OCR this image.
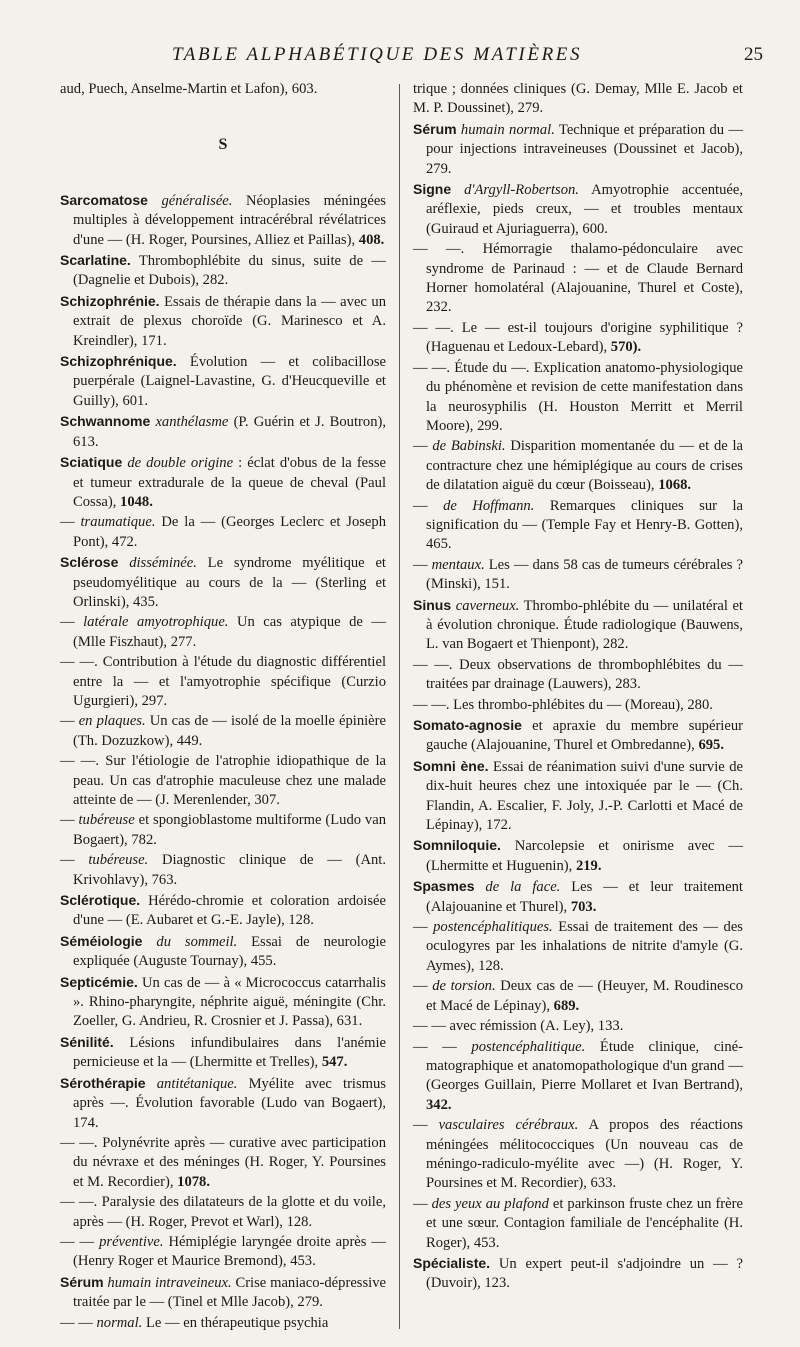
TABLE ALPHABÉTIQUE DES MATIÈRES	25
aud, Puech, Anselme-Martin et Lafon), 603.
S
Sarcomatose généralisée. Néoplasies méningées multiples à développement intracérébral révélatrices d'une — (H. Roger, Poursines, Alliez et Paillas), 408.
Scarlatine. Thrombophlébite du sinus, suite de — (Dagnelie et Dubois), 282.
Schizophrénie. Essais de thérapie dans la — avec un extrait de plexus choroïde (G. Marinesco et A. Kreindler), 171.
Schizophrénique. Évolution — et colibacillose puerpérale (Laignel-Lavastine, G. d'Heucqueville et Guilly), 601.
Schwannome xanthélasme (P. Guérin et J. Boutron), 613.
Sciatique de double origine : éclat d'obus de la fesse et tumeur extradurale de la queue de cheval (Paul Cossa), 1048.
— traumatique. De la — (Georges Leclerc et Joseph Pont), 472.
Sclérose disséminée. Le syndrome myélitique et pseudomyélitique au cours de la — (Sterling et Orlinski), 435.
— latérale amyotrophique. Un cas atypique de — (Mlle Fiszhaut), 277.
— —. Contribution à l'étude du diagnostic différentiel entre la — et l'amyotrophie spécifique (Curzio Ugurgieri), 297.
— en plaques. Un cas de — isolé de la moelle épinière (Th. Dozuzkow), 449.
— —. Sur l'étiologie de l'atrophie idiopathique de la peau. Un cas d'atrophie maculeuse chez une malade atteinte de — (J. Merenlender, 307.
— tubéreuse et spongioblastome multiforme (Ludo van Bogaert), 782.
— tubéreuse. Diagnostic clinique de — (Ant. Krivohlavy), 763.
Sclérotique. Hérédo-chromie et coloration ardoisée d'une — (E. Aubaret et G.-E. Jayle), 128.
Séméiologie du sommeil. Essai de neurologie expliquée (Auguste Tournay), 455.
Septicémie. Un cas de — à « Micrococcus catarrhalis ». Rhino-pharyngite, néphrite aiguë, méningite (Chr. Zoeller, G. Andrieu, R. Crosnier et J. Passa), 631.
Sénilité. Lésions infundibulaires dans l'anémie pernicieuse et la — (Lhermitte et Trelles), 547.
Sérothérapie antitétanique. Myélite avec trismus après —. Évolution favorable (Ludo van Bogaert), 174.
— —. Polynévrite après — curative avec participation du névraxe et des méninges (H. Roger, Y. Poursines et M. Recordier), 1078.
— —. Paralysie des dilatateurs de la glotte et du voile, après — (H. Roger, Prevot et Warl), 128.
— — préventive. Hémiplégie laryngée droite après — (Henry Roger et Maurice Bremond), 453.
Sérum humain intraveineux. Crise maniaco-dépressive traitée par le — (Tinel et Mlle Jacob), 279.
— — normal. Le — en thérapeutique psychia
trique ; données cliniques (G. Demay, Mlle E. Jacob et M. P. Doussinet), 279.
Sérum humain normal. Technique et préparation du — pour injections intraveineuses (Doussinet et Jacob), 279.
Signe d'Argyll-Robertson. Amyotrophie accentuée, aréflexie, pieds creux, — et troubles mentaux (Guiraud et Ajuriaguerra), 600.
— —. Hémorragie thalamo-pédonculaire avec syndrome de Parinaud : — et de Claude Bernard Horner homolatéral (Alajouanine, Thurel et Coste), 232.
— —. Le — est-il toujours d'origine syphilitique ? (Haguenau et Ledoux-Lebard), 570).
— —. Étude du —. Explication anatomo-physiologique du phénomène et revision de cette manifestation dans la neurosyphilis (H. Houston Merritt et Merril Moore), 299.
— de Babinski. Disparition momentanée du — et de la contracture chez une hémiplégique au cours de crises de dilatation aiguë du cœur (Boisseau), 1068.
— de Hoffmann. Remarques cliniques sur la signification du — (Temple Fay et Henry-B. Gotten), 465.
— mentaux. Les — dans 58 cas de tumeurs cérébrales ? (Minski), 151.
Sinus caverneux. Thrombo-phlébite du — unilatéral et à évolution chronique. Étude radiologique (Bauwens, L. van Bogaert et Thienpont), 282.
— —. Deux observations de thrombophlébites du — traitées par drainage (Lauwers), 283.
— —. Les thrombo-phlébites du — (Moreau), 280.
Somato-agnosie et apraxie du membre supérieur gauche (Alajouanine, Thurel et Ombredanne), 695.
Somni ène. Essai de réanimation suivi d'une survie de dix-huit heures chez une intoxiquée par le — (Ch. Flandin, A. Escalier, F. Joly, J.-P. Carlotti et Macé de Lépinay), 172.
Somniloquie. Narcolepsie et onirisme avec — (Lhermitte et Huguenin), 219.
Spasmes de la face. Les — et leur traitement (Alajouanine et Thurel), 703.
— postencéphalitiques. Essai de traitement des — des oculogyres par les inhalations de nitrite d'amyle (G. Aymes), 128.
— de torsion. Deux cas de — (Heuyer, M. Roudinesco et Macé de Lépinay), 689.
— — avec rémission (A. Ley), 133.
— — postencéphalitique. Étude clinique, cinématographique et anatomopathologique d'un grand — (Georges Guillain, Pierre Mollaret et Ivan Bertrand), 342.
— vasculaires cérébraux. A propos des réactions méningées mélitococciques (Un nouveau cas de méningo-radiculo-myélite avec —) (H. Roger, Y. Poursines et M. Recordier), 633.
— des yeux au plafond et parkinson fruste chez un frère et une sœur. Contagion familiale de l'encéphalite (H. Roger), 453.
Spécialiste. Un expert peut-il s'adjoindre un — ? (Duvoir), 123.
